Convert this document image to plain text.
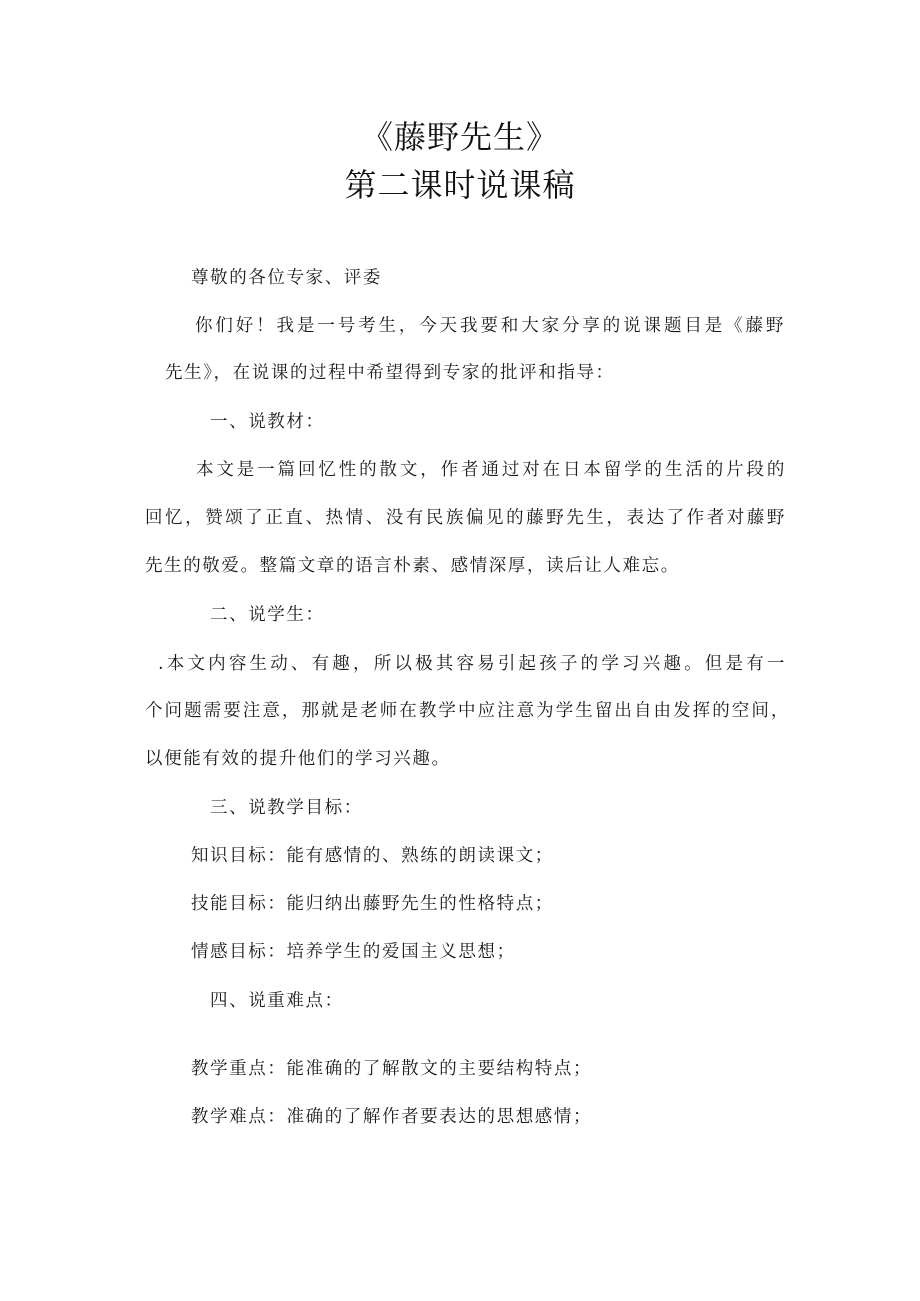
《藤野先生》
第二课时说课稿
尊敬的各位专家、评委
你们好！我是一号考生，今天我要和大家分享的说课题目是《藤野
先生》，在说课的过程中希望得到专家的批评和指导：
一、说教材：
本文是一篇回忆性的散文，作者通过对在日本留学的生活的片段的
回忆，赞颂了正直、热情、没有民族偏见的藤野先生，表达了作者对藤野
先生的敬爱。整篇文章的语言朴素、感情深厚，读后让人难忘。
二、说学生：
.本文内容生动、有趣，所以极其容易引起孩子的学习兴趣。但是有一
个问题需要注意，那就是老师在教学中应注意为学生留出自由发挥的空间，
以便能有效的提升他们的学习兴趣。
三、说教学目标：
知识目标：能有感情的、熟练的朗读课文；
技能目标：能归纳出藤野先生的性格特点；
情感目标：培养学生的爱国主义思想；
四、说重难点：
教学重点：能准确的了解散文的主要结构特点；
教学难点：准确的了解作者要表达的思想感情；
